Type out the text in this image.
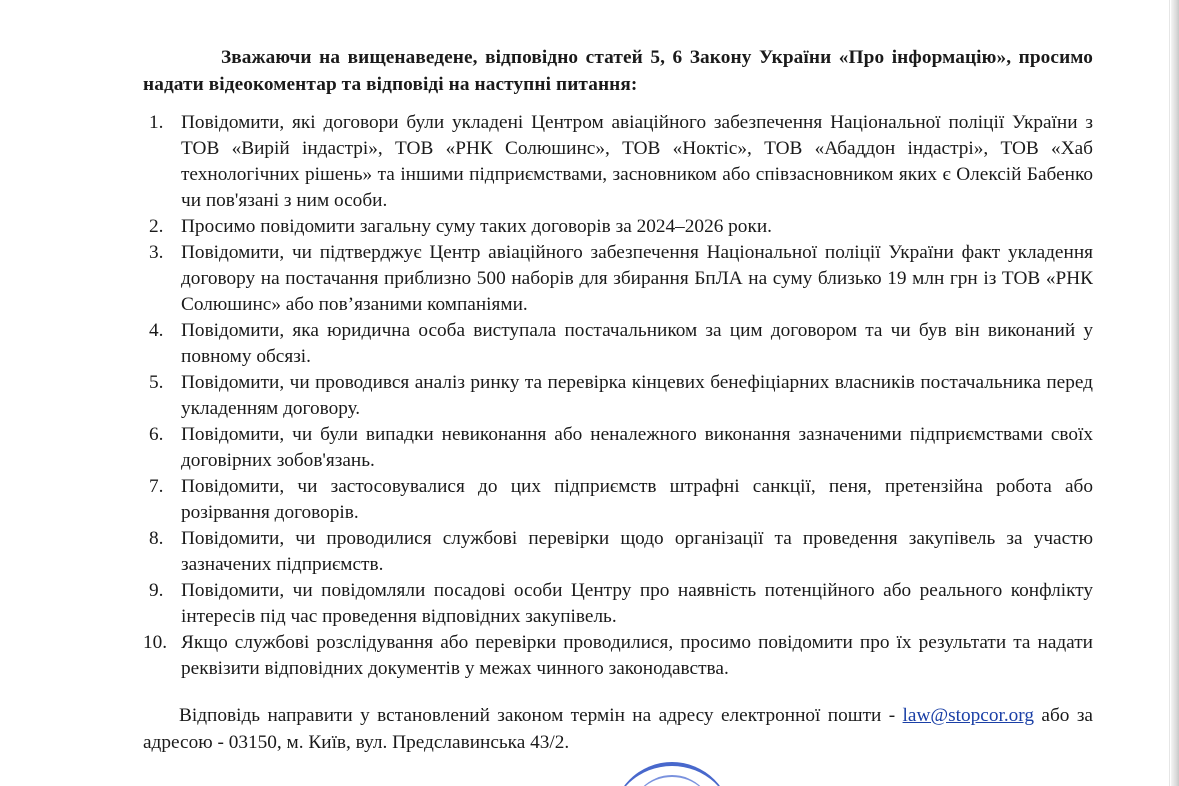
Зважаючи на вищенаведене, відповідно статей 5, 6 Закону України «Про інформацію», просимо надати відеокоментар та відповіді на наступні питання:

1. Повідомити, які договори були укладені Центром авіаційного забезпечення Національної поліції України з ТОВ «Вирій індастрі», ТОВ «РНК Солюшинс», ТОВ «Ноктіс», ТОВ «Абаддон індастрі», ТОВ «Хаб технологічних рішень» та іншими підприємствами, засновником або співзасновником яких є Олексій Бабенко чи пов'язані з ним особи.
2. Просимо повідомити загальну суму таких договорів за 2024–2026 роки.
3. Повідомити, чи підтверджує Центр авіаційного забезпечення Національної поліції України факт укладення договору на постачання приблизно 500 наборів для збирання БпЛА на суму близько 19 млн грн із ТОВ «РНК Солюшинс» або пов’язаними компаніями.
4. Повідомити, яка юридична особа виступала постачальником за цим договором та чи був він виконаний у повному обсязі.
5. Повідомити, чи проводився аналіз ринку та перевірка кінцевих бенефіціарних власників постачальника перед укладенням договору.
6. Повідомити, чи були випадки невиконання або неналежного виконання зазначеними підприємствами своїх договірних зобов'язань.
7. Повідомити, чи застосовувалися до цих підприємств штрафні санкції, пеня, претензійна робота або розірвання договорів.
8. Повідомити, чи проводилися службові перевірки щодо організації та проведення закупівель за участю зазначених підприємств.
9. Повідомити, чи повідомляли посадові особи Центру про наявність потенційного або реального конфлікту інтересів під час проведення відповідних закупівель.
10. Якщо службові розслідування або перевірки проводилися, просимо повідомити про їх результати та надати реквізити відповідних документів у межах чинного законодавства.

Відповідь направити у встановлений законом термін на адресу електронної пошти - law@stopcor.org або за адресою - 03150, м. Київ, вул. Предславинська 43/2.
